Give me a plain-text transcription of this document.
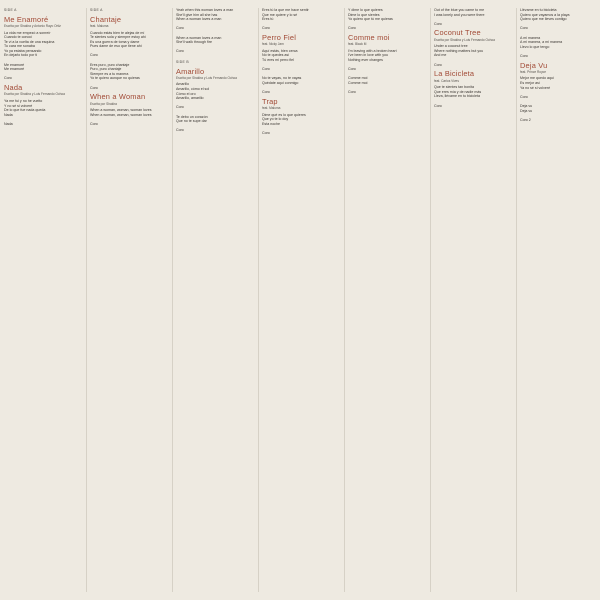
SIDE A
Me Enamoré
Escrita por Shakira y Antonio Rayo Ortiz
La vida me empezó a sonreír
Cuando te conocí
Te vi a la vuelta de una esquina
Tu cara me sonaba
Yo ya estaba pensando
En dejarlo todo por ti

Me enamoré
Me enamoré

Coro
Nada
Escrita por Shakira y Luis Fernando Ochoa
Ya me fui y no he vuelto
Y no sé si volveré
De lo que fue nada queda
Nada

Nada
SIDE A
Chantaje
feat. Maluma
Cuando estás bien te alejas de mí
Te sientes sola y siempre estoy ahí
Es una guerra de toma y dame
Pues dame de eso que tiene ahí

Coro

Eres puro, puro chantaje
Puro, puro chantaje
Siempre es a tu manera
Yo te quiero aunque no quieras

Coro
When a Woman
Escrita por Shakira
When a woman, woman, woman loves
When a woman, woman, woman loves

Coro
Yeah when this woman loves a man
She'll give him all she has
When a woman loves a man

Coro

When a woman loves a man
She'll walk through fire

Coro
SIDE B
Amarillo
Escrita por Shakira y Luis Fernando Ochoa
Amarillo
Amarillo, cómo el sol
Cómo el oro
Amarillo, amarillo

Coro

Te debo un corazón
Que no te supe dar

Coro
Eres tú la que me hace sentir
Que me quiere y lo sé
Eres tú

Coro
Perro Fiel
feat. Nicky Jam
Aquí estás, bien cerca
No te quedes así
Tú eres mi perro fiel

Coro

No te vayas, no te vayas
Quédate aquí conmigo

Coro
Trap
feat. Maluma
Dime qué es lo que quieres
Que yo te lo doy
Esta noche

Coro
Y dime lo que quieres
Dime lo que sientes
Yo quiero que tú me quieras

Coro
Comme moi
feat. Black M
I'm leaving with a broken heart
I've been in love with you
Nothing ever changes

Coro

Comme moi
Comme moi

Coro
Out of the blue you came to me
I was lonely and you were there

Coro
Coconut Tree
Escrita por Shakira y Luis Fernando Ochoa
Under a coconut tree
Where nothing matters but you
And me

Coro
La Bicicleta
feat. Carlos Vives
Que te sientes tan bonita
Que eres mía y de nadie más
Lleva, llévame en tu bicicleta

Coro
Llévame en tu bicicleta
Quiero que vayamos a la playa
Quiero que me lleves contigo

Coro

A mi manera
A mi manera, a mi manera
Llevo lo que tengo

Coro
Deja Vu
feat. Prince Royce
Mejor me quedo aquí
Es mejor así
Ya no sé si volveré

Coro

Deja vu
Deja vu

Coro 2
